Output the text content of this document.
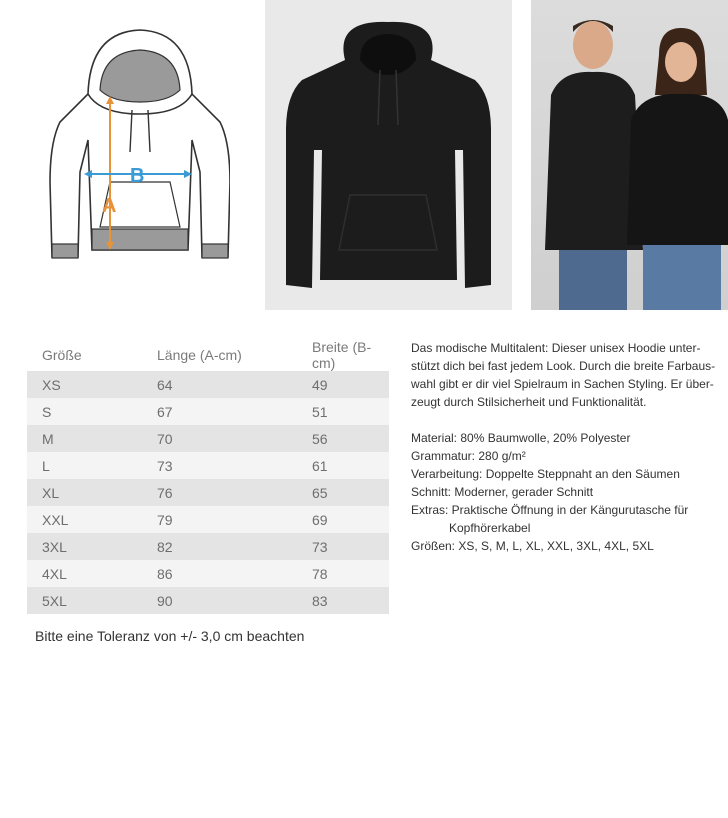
A
B
Größe	Länge (A-cm)	Breite (B-cm)
XS	64	49
S	67	51
M	70	56
L	73	61
XL	76	65
XXL	79	69
3XL	82	73
4XL	86	78
5XL	90	83
Bitte eine Toleranz von +/- 3,0 cm beachten

Das modische Multitalent: Dieser unisex Hoodie unter-

stützt dich bei fast jedem Look. Durch die breite Farbaus-

wahl gibt er dir viel Spielraum in Sachen Styling. Er über-

zeugt durch Stilsicherheit und Funktionalität.

Material: 80% Baumwolle, 20% Polyester

Grammatur: 280 g/m²

Verarbeitung: Doppelte Steppnaht an den Säumen

Schnitt: Moderner, gerader Schnitt

Extras: Praktische Öffnung in der Kängurutasche für

Kopfhörerkabel

Größen: XS, S, M, L, XL, XXL, 3XL, 4XL, 5XL
